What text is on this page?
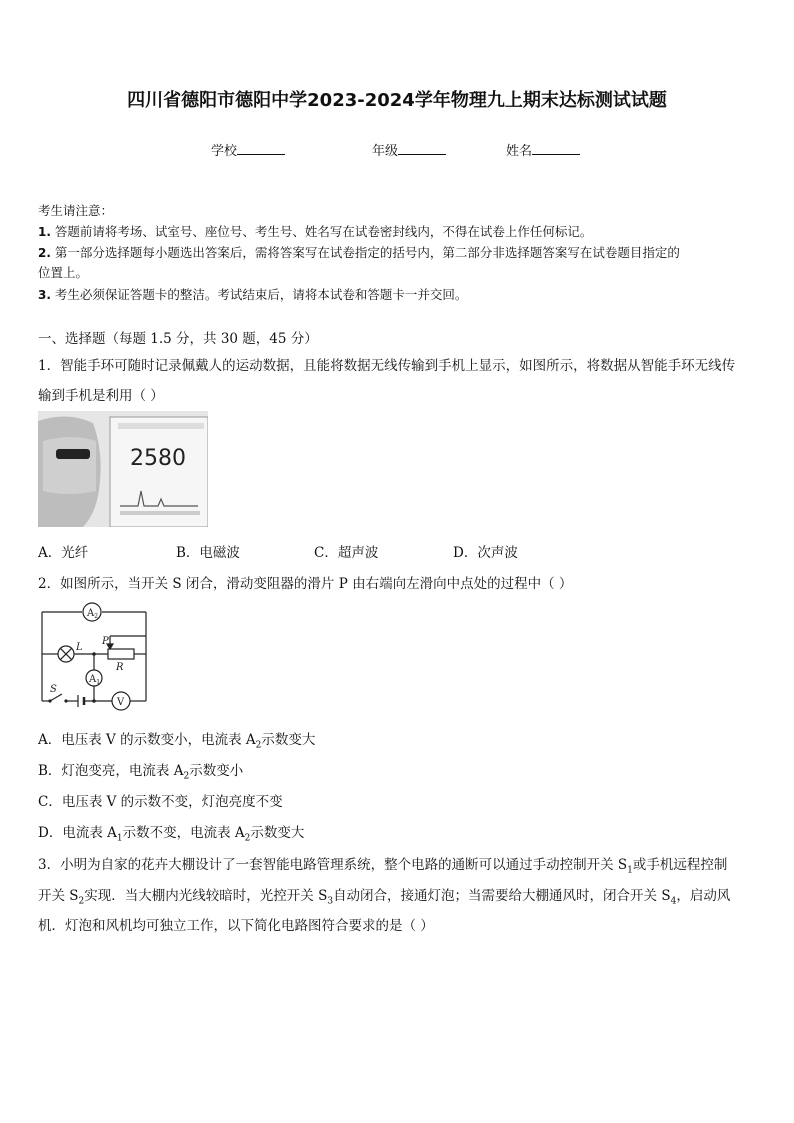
四川省德阳市德阳中学2023-2024学年物理九上期末达标测试试题
学校	年级	姓名
考生请注意：
1. 答题前请将考场、试室号、座位号、考生号、姓名写在试卷密封线内，不得在试卷上作任何标记。
2. 第一部分选择题每小题选出答案后，需将答案写在试卷指定的括号内，第二部分非选择题答案写在试卷题目指定的
位置上。
3. 考生必须保证答题卡的整洁。考试结束后，请将本试卷和答题卡一并交回。
一、选择题（每题 1.5 分，共 30 题，45 分）
1．智能手环可随时记录佩戴人的运动数据，且能将数据无线传输到手机上显示，如图所示，将数据从智能手环无线传
输到手机是利用（ ）
2580
A．光纤	B．电磁波	C．超声波	D．次声波
2．如图所示，当开关 S 闭合，滑动变阻器的滑片 P 由右端向左滑向中点处的过程中（ ）
$A_2$
$A_1$
L
P
R
S
V
A．电压表 V 的示数变小，电流表 $A_2$示数变大
B．灯泡变亮，电流表 $A_2$示数变小
C．电压表 V 的示数不变，灯泡亮度不变
D．电流表 $A_1$示数不变，电流表 $A_2$示数变大
3．小明为自家的花卉大棚设计了一套智能电路管理系统，整个电路的通断可以通过手动控制开关 $S_1$或手机远程控制
开关 $S_2$实现．当大棚内光线较暗时，光控开关 $S_3$自动闭合，接通灯泡；当需要给大棚通风时，闭合开关 $S_4$，启动风
机．灯泡和风机均可独立工作，以下简化电路图符合要求的是（ ）
